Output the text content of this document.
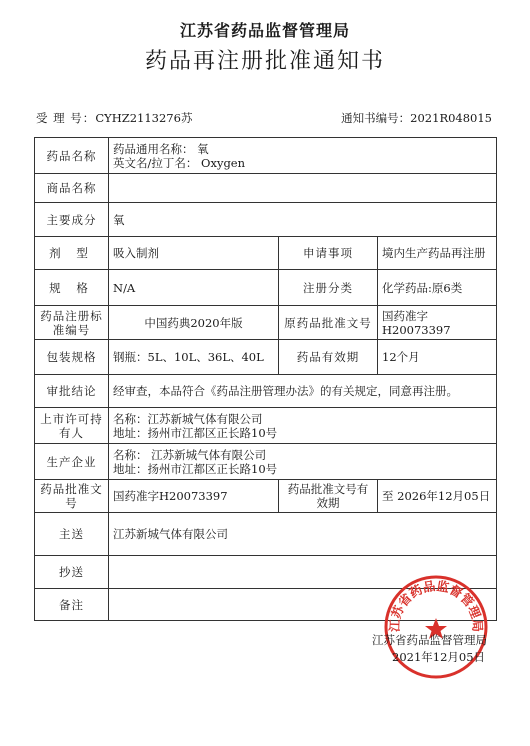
江苏省药品监督管理局
药品再注册批准通知书
受 理 号：CYHZ2113276苏	通知书编号：2021R048015
药品名称	药品通用名称： 氧
英文名/拉丁名： Oxygen		

商品名称			
主要成分	氧		
剂 型	吸入制剂	申请事项	境内生产药品再注册
规 格	N/A	注册分类	化学药品:原6类
药品注册标准编号	中国药典2020年版	原药品批准文号	国药准字H20073397
包装规格	钢瓶：5L、10L、36L、40L	药品有效期	12个月
审批结论	经审查，本品符合《药品注册管理办法》的有关规定，同意再注册。		
上市许可持有人	名称：江苏新城气体有限公司
地址：扬州市江都区正长路10号		

生产企业	名称： 江苏新城气体有限公司
地址：扬州市江都区正长路10号		

药品批准文号	国药准字H20073397	药品批准文号有效期	至 2026年12月05日
主送	江苏新城气体有限公司		
抄送			
备注			
江苏省药品监督管理局
江苏省药品监督管理局
2021年12月05日
